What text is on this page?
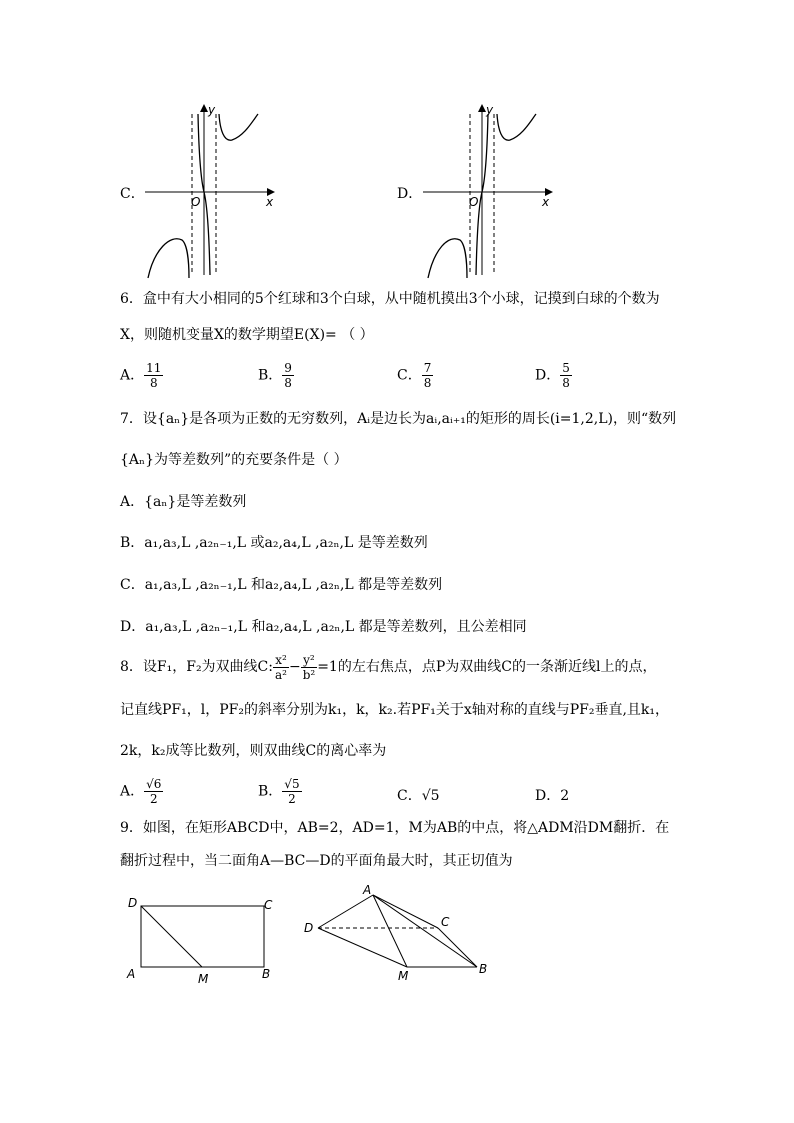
C．
y
x
O	D．
y
x
O
6．盒中有大小相同的5个红球和3个白球，从中随机摸出3个小球，记摸到白球的个数为
X，则随机变量X的数学期望E(X)= （ ）
A． $\frac{11}{8}$	B． $\frac{9}{8}$	C． $\frac{7}{8}$	D． $\frac{5}{8}$
7．设{aₙ}是各项为正数的无穷数列，Aᵢ是边长为aᵢ,aᵢ₊₁的矩形的周长(i=1,2,L)，则“数列
{Aₙ}为等差数列”的充要条件是（ ）
A．{aₙ}是等差数列
B．a₁,a₃,L ,a₂ₙ₋₁,L 或a₂,a₄,L ,a₂ₙ,L 是等差数列
C．a₁,a₃,L ,a₂ₙ₋₁,L 和a₂,a₄,L ,a₂ₙ,L 都是等差数列
D．a₁,a₃,L ,a₂ₙ₋₁,L 和a₂,a₄,L ,a₂ₙ,L 都是等差数列，且公差相同
8．设F₁，F₂为双曲线C: $\frac{\text{x²}}{\text{a²}} - \frac{\text{y²}}{\text{b²}} =1$的左右焦点，点P为双曲线C的一条渐近线l上的点，
记直线PF₁，l，PF₂的斜率分别为k₁，k，k₂.若PF₁关于x轴对称的直线与PF₂垂直,且k₁，
2k，k₂成等比数列，则双曲线C的离心率为
A． $\frac{√6}{2}$	B． $\frac{√5}{2}$	C．√5	D．2
9．如图，在矩形ABCD中，AB=2，AD=1，M为AB的中点，将△ADM沿DM翻折．在
翻折过程中，当二面角A—BC—D的平面角最大时，其正切值为
D	C
A	M	B
A
C
D
M	B
